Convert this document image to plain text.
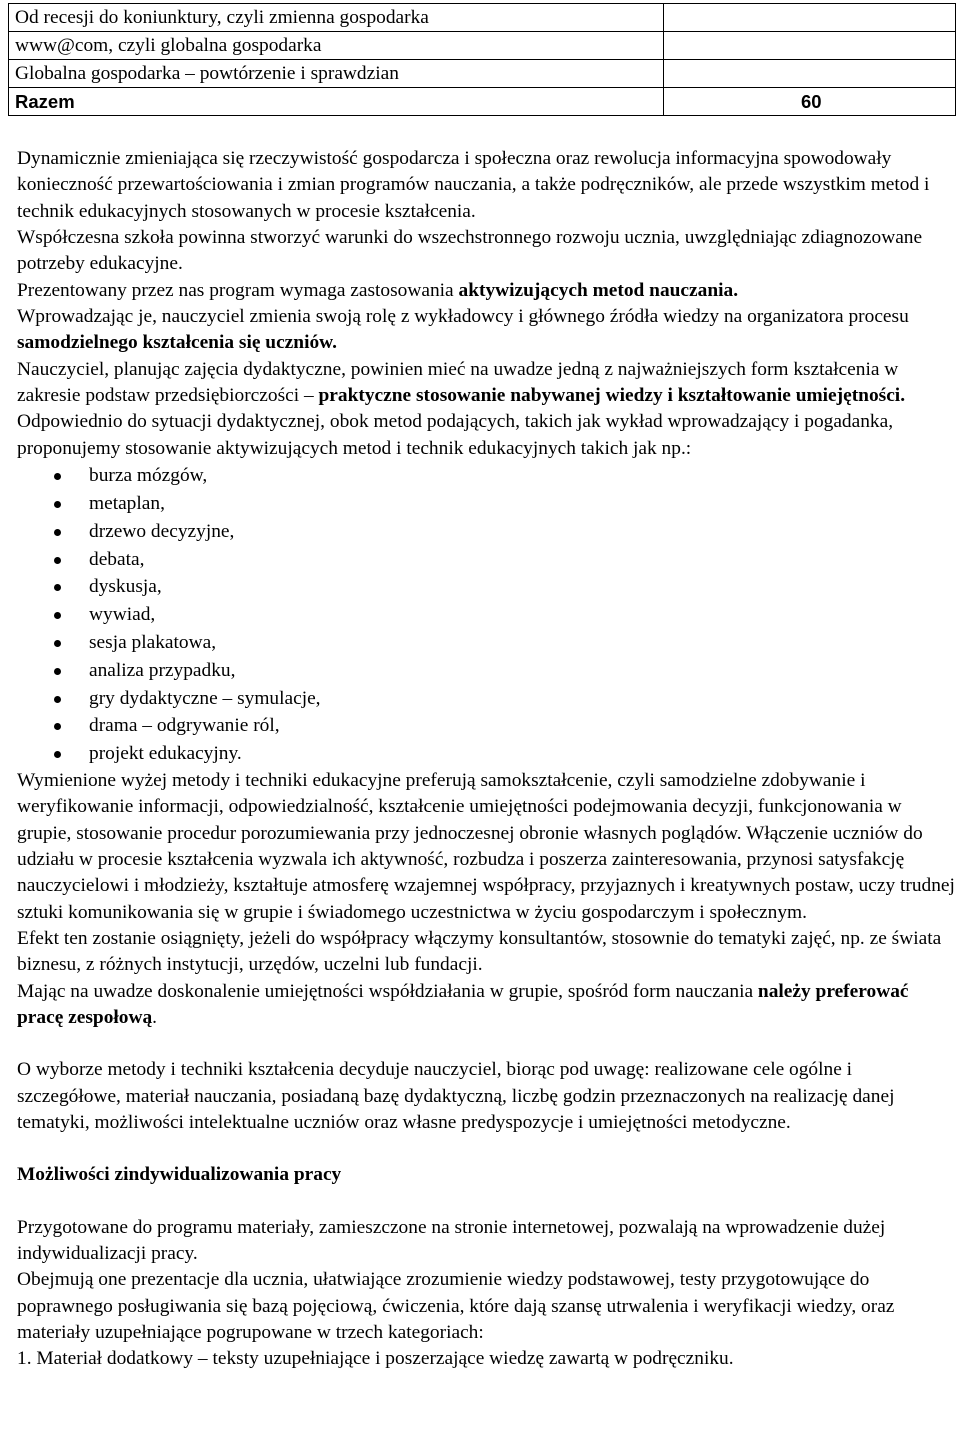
Od recesji do koniunktury, czyli zmienna gospodarka	
www@com, czyli globalna gospodarka	
Globalna gospodarka – powtórzenie i sprawdzian	
Razem	60

Dynamicznie zmieniająca się rzeczywistość gospodarcza i społeczna oraz rewolucja informacyjna spowodowały konieczność przewartościowania i zmian programów nauczania, a także podręczników, ale przede wszystkim metod i technik edukacyjnych stosowanych w procesie kształcenia.

Współczesna szkoła powinna stworzyć warunki do wszechstronnego rozwoju ucznia, uwzględniając zdiagnozowane potrzeby edukacyjne.

Prezentowany przez nas program wymaga zastosowania aktywizujących metod nauczania.

Wprowadzając je, nauczyciel zmienia swoją rolę z wykładowcy i głównego źródła wiedzy na organizatora procesu samodzielnego kształcenia się uczniów.

Nauczyciel, planując zajęcia dydaktyczne, powinien mieć na uwadze jedną z najważniejszych form kształcenia w zakresie podstaw przedsiębiorczości – praktyczne stosowanie nabywanej wiedzy i kształtowanie umiejętności.

Odpowiednio do sytuacji dydaktycznej, obok metod podających, takich jak wykład wprowadzający i pogadanka, proponujemy stosowanie aktywizujących metod i technik edukacyjnych takich jak np.:

burza mózgów,
metaplan,
drzewo decyzyjne,
debata,
dyskusja,
wywiad,
sesja plakatowa,
analiza przypadku,
gry dydaktyczne – symulacje,
drama – odgrywanie ról,
projekt edukacyjny.

Wymienione wyżej metody i techniki edukacyjne preferują samokształcenie, czyli samodzielne zdobywanie i weryfikowanie informacji, odpowiedzialność, kształcenie umiejętności podejmowania decyzji, funkcjonowania w grupie, stosowanie procedur porozumiewania przy jednoczesnej obronie własnych poglądów. Włączenie uczniów do udziału w procesie kształcenia wyzwala ich aktywność, rozbudza i poszerza zainteresowania, przynosi satysfakcję nauczycielowi i młodzieży, kształtuje atmosferę wzajemnej współpracy, przyjaznych i kreatywnych postaw, uczy trudnej sztuki komunikowania się w grupie i świadomego uczestnictwa w życiu gospodarczym i społecznym.

Efekt ten zostanie osiągnięty, jeżeli do współpracy włączymy konsultantów, stosownie do tematyki zajęć, np. ze świata biznesu, z różnych instytucji, urzędów, uczelni lub fundacji.

Mając na uwadze doskonalenie umiejętności współdziałania w grupie, spośród form nauczania należy preferować pracę zespołową.

O wyborze metody i techniki kształcenia decyduje nauczyciel, biorąc pod uwagę: realizowane cele ogólne i szczegółowe, materiał nauczania, posiadaną bazę dydaktyczną, liczbę godzin przeznaczonych na realizację danej tematyki, możliwości intelektualne uczniów oraz własne predyspozycje i umiejętności metodyczne.

Możliwości zindywidualizowania pracy

Przygotowane do programu materiały, zamieszczone na stronie internetowej, pozwalają na wprowadzenie dużej indywidualizacji pracy.

Obejmują one prezentacje dla ucznia, ułatwiające zrozumienie wiedzy podstawowej, testy przygotowujące do poprawnego posługiwania się bazą pojęciową, ćwiczenia, które dają szansę utrwalenia i weryfikacji wiedzy, oraz materiały uzupełniające pogrupowane w trzech kategoriach:

1. Materiał dodatkowy – teksty uzupełniające i poszerzające wiedzę zawartą w podręczniku.
